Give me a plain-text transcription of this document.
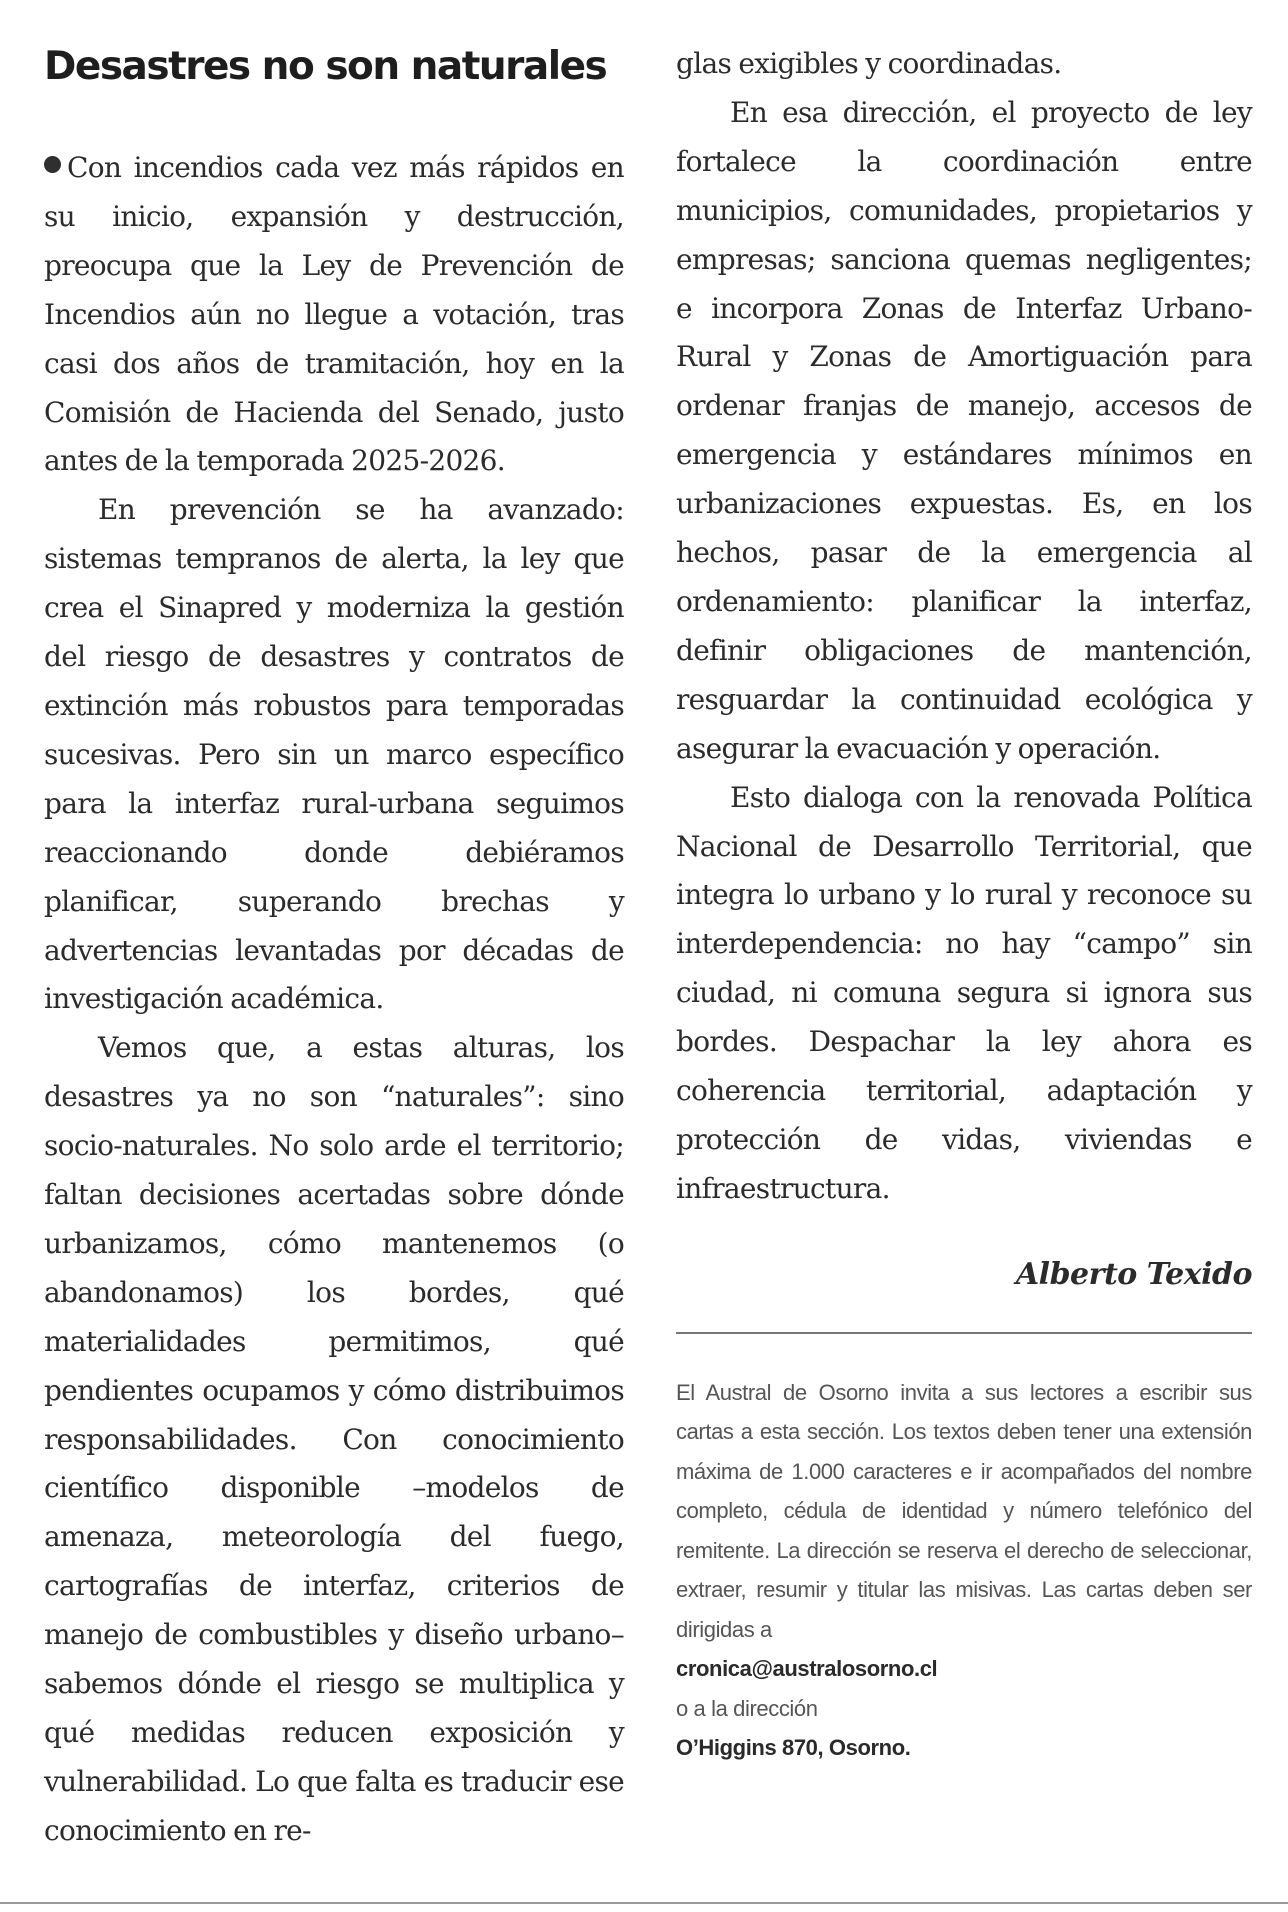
Desastres no son naturales

Con incendios cada vez más rápidos en su inicio, expansión y destrucción, preocupa que la Ley de Prevención de Incendios aún no llegue a votación, tras casi dos años de tramitación, hoy en la Comisión de Hacienda del Senado, justo antes de la temporada 2025-2026.

En prevención se ha avanzado: sistemas tempranos de alerta, la ley que crea el Sinapred y moderniza la gestión del riesgo de desastres y contratos de extinción más robustos para temporadas sucesivas. Pero sin un marco específico para la interfaz rural-urbana seguimos reaccionando donde debiéramos planificar, superando brechas y advertencias levantadas por décadas de investigación académica.

Vemos que, a estas alturas, los desastres ya no son “naturales”: sino socio-naturales. No solo arde el territorio; faltan decisiones acertadas sobre dónde urbanizamos, cómo mantenemos (o abandonamos) los bordes, qué materialidades permitimos, qué pendientes ocupamos y cómo distribuimos responsabilidades. Con conocimiento científico disponible –modelos de amenaza, meteorología del fuego, cartografías de interfaz, criterios de manejo de combustibles y diseño urbano– sabemos dónde el riesgo se multiplica y qué medidas reducen exposición y vulnerabilidad. Lo que falta es traducir ese conocimiento en re-

glas exigibles y coordinadas.

En esa dirección, el proyecto de ley fortalece la coordinación entre municipios, comunidades, propietarios y empresas; sanciona quemas negligentes; e incorpora Zonas de Interfaz Urbano-Rural y Zonas de Amortiguación para ordenar franjas de manejo, accesos de emergencia y estándares mínimos en urbanizaciones expuestas. Es, en los hechos, pasar de la emergencia al ordenamiento: planificar la interfaz, definir obligaciones de mantención, resguardar la continuidad ecológica y asegurar la evacuación y operación.

Esto dialoga con la renovada Política Nacional de Desarrollo Territorial, que integra lo urbano y lo rural y reconoce su interdependencia: no hay “campo” sin ciudad, ni comuna segura si ignora sus bordes. Despachar la ley ahora es coherencia territorial, adaptación y protección de vidas, viviendas e infraestructura.

Alberto Texido

El Austral de Osorno invita a sus lectores a escribir sus cartas a esta sección. Los textos deben tener una extensión máxima de 1.000 caracteres e ir acompañados del nombre completo, cédula de identidad y número telefónico del remitente. La dirección se reserva el derecho de seleccionar, extraer, resumir y titular las misivas. Las cartas deben ser dirigidas a
cronica@australosorno.cl
o a la dirección
O’Higgins 870, Osorno.
